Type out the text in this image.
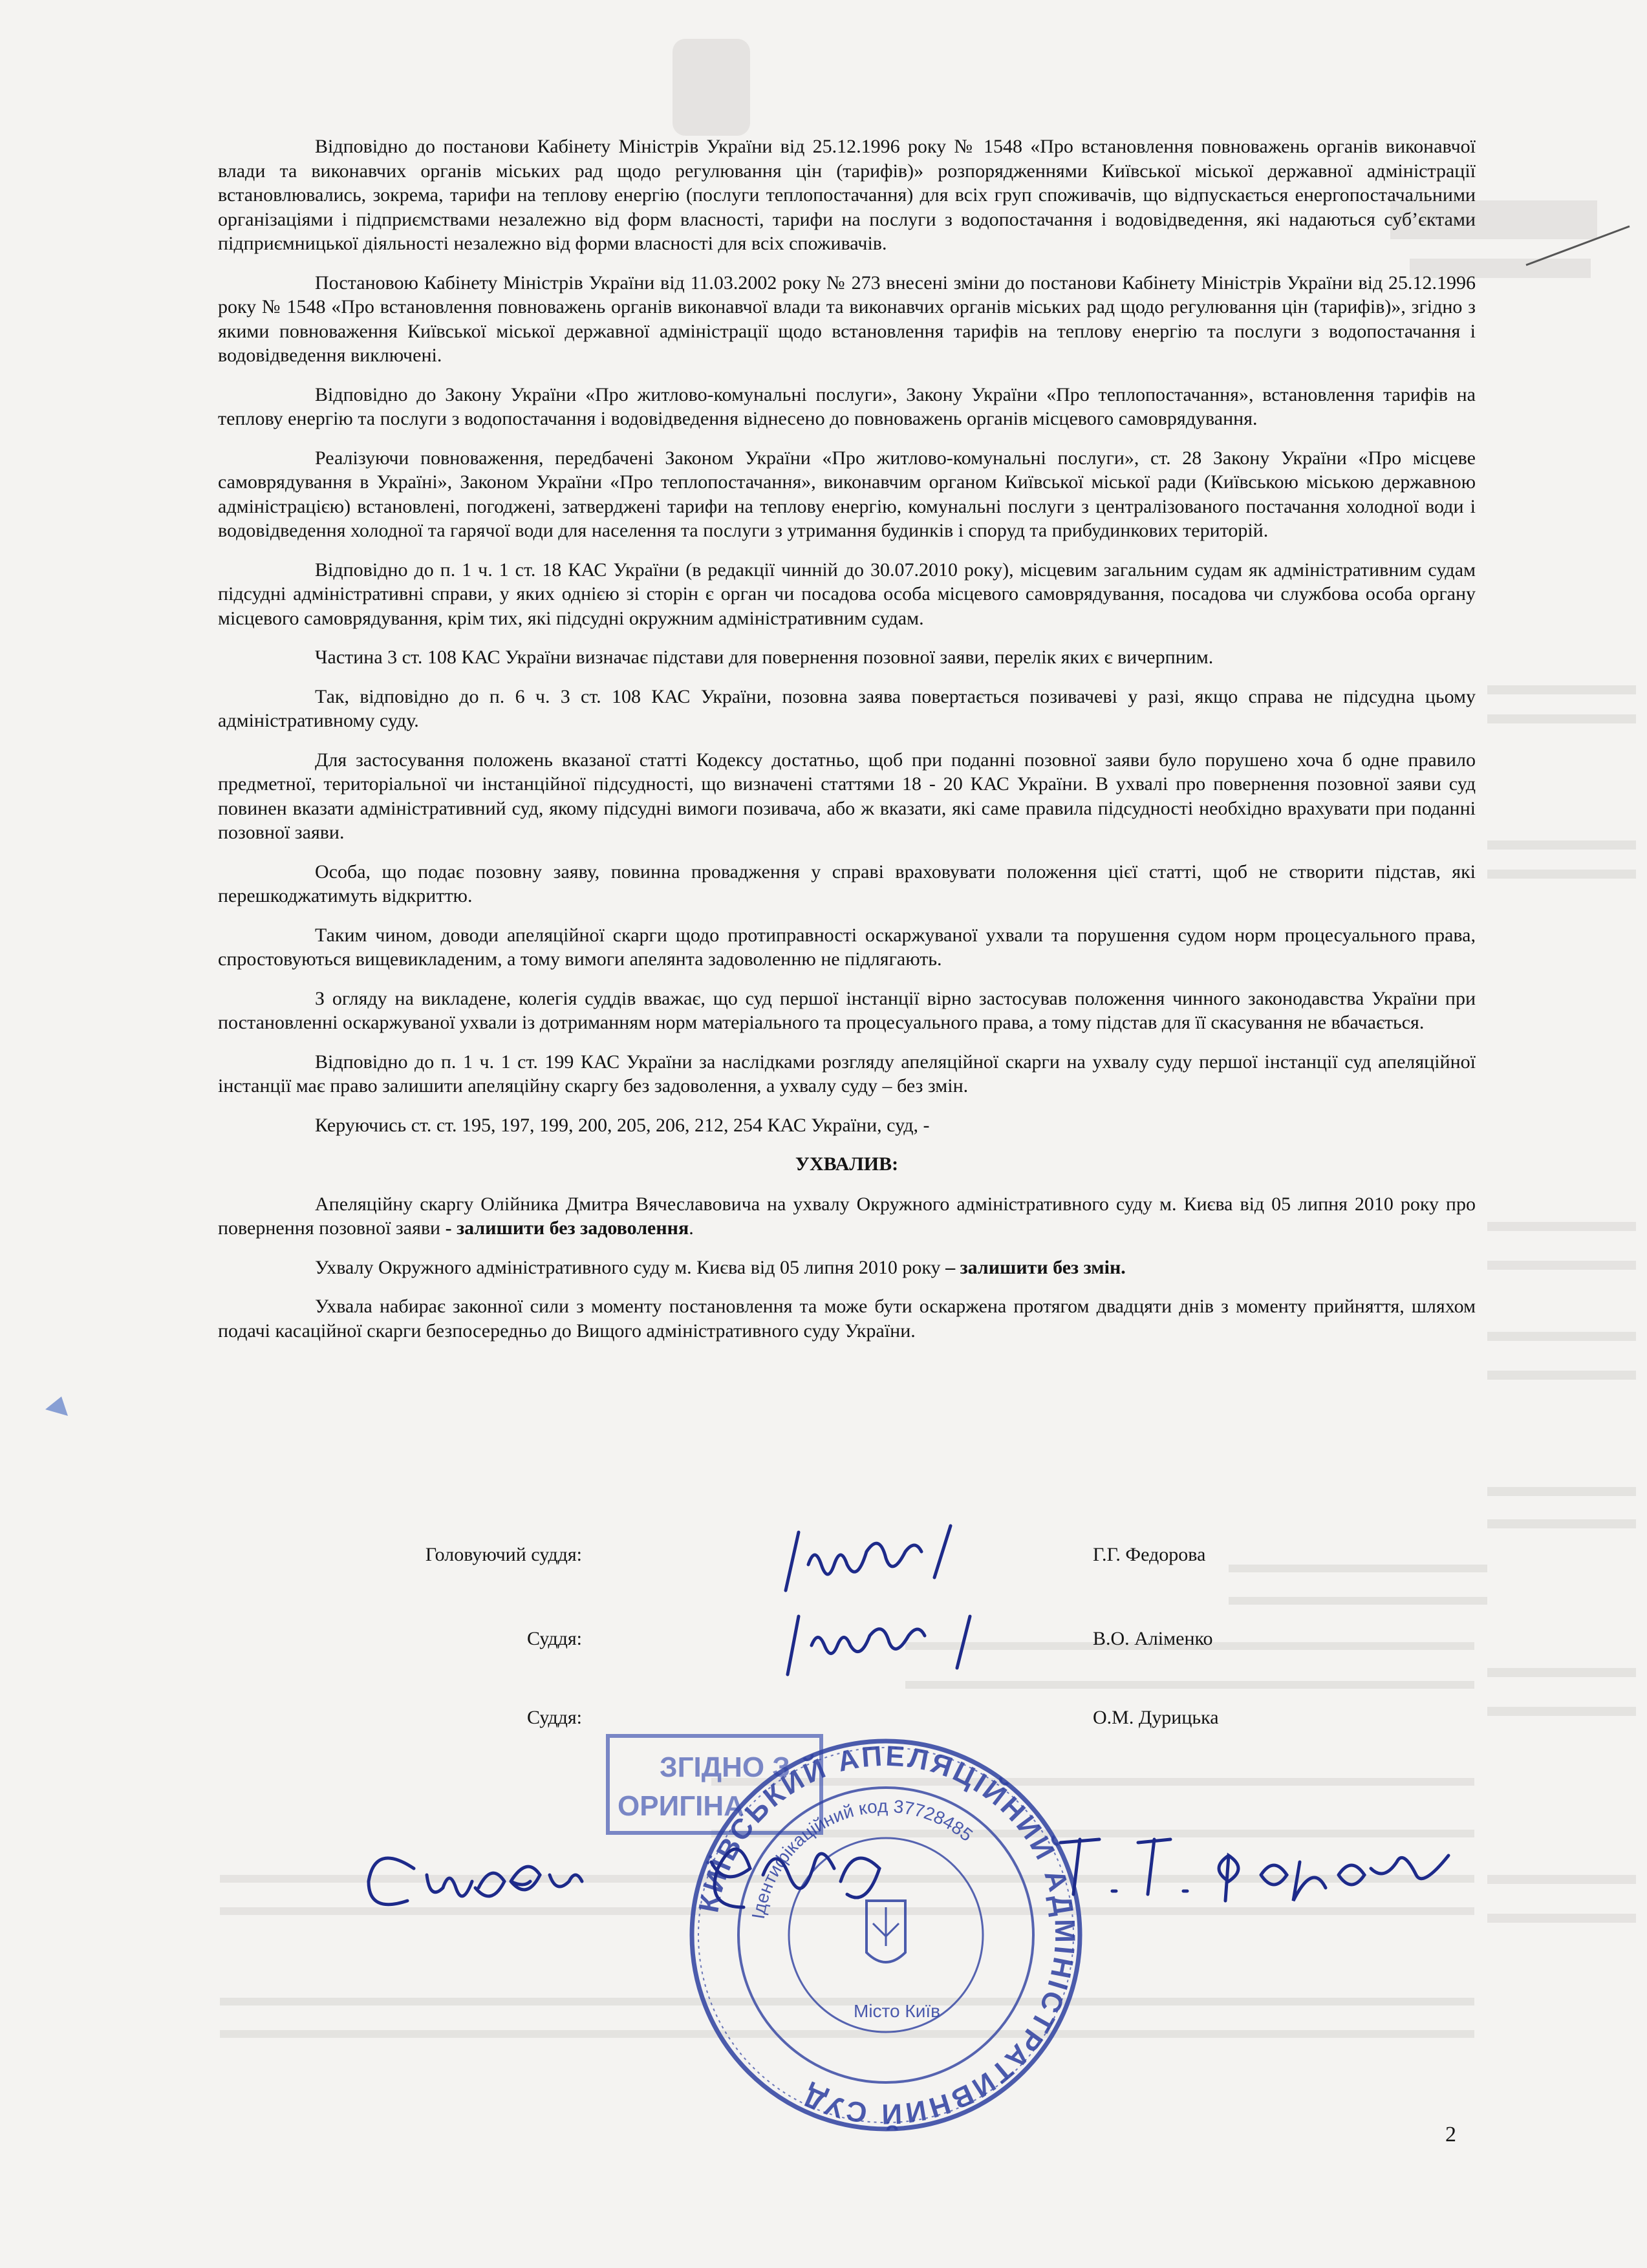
Відповідно до постанови Кабінету Міністрів України від 25.12.1996 року № 1548 «Про встановлення повноважень органів виконавчої влади та виконавчих органів міських рад щодо регулювання цін (тарифів)» розпорядженнями Київської міської державної адміністрації встановлювались, зокрема, тарифи на теплову енергію (послуги теплопостачання) для всіх груп споживачів, що відпускається енергопостачальними організаціями і підприємствами незалежно від форм власності, тарифи на послуги з водопостачання і водовідведення, які надаються суб’єктами підприємницької діяльності незалежно від форми власності для всіх споживачів.

Постановою Кабінету Міністрів України від 11.03.2002 року № 273 внесені зміни до постанови Кабінету Міністрів України від 25.12.1996 року № 1548 «Про встановлення повноважень органів виконавчої влади та виконавчих органів міських рад щодо регулювання цін (тарифів)», згідно з якими повноваження Київської міської державної адміністрації щодо встановлення тарифів на теплову енергію та послуги з водопостачання і водовідведення виключені.

Відповідно до Закону України «Про житлово-комунальні послуги», Закону України «Про теплопостачання», встановлення тарифів на теплову енергію та послуги з водопостачання і водовідведення віднесено до повноважень органів місцевого самоврядування.

Реалізуючи повноваження, передбачені Законом України «Про житлово-комунальні послуги», ст. 28 Закону України «Про місцеве самоврядування в Україні», Законом України «Про теплопостачання», виконавчим органом Київської міської ради (Київською міською державною адміністрацією) встановлені, погоджені, затверджені тарифи на теплову енергію, комунальні послуги з централізованого постачання холодної води і водовідведення холодної та гарячої води для населення та послуги з утримання будинків і споруд та прибудинкових територій.

Відповідно до п. 1 ч. 1 ст. 18 КАС України (в редакції чинній до 30.07.2010 року), місцевим загальним судам як адміністративним судам підсудні адміністративні справи, у яких однією зі сторін є орган чи посадова особа місцевого самоврядування, посадова чи службова особа органу місцевого самоврядування, крім тих, які підсудні окружним адміністративним судам.

Частина 3 ст. 108 КАС України визначає підстави для повернення позовної заяви, перелік яких є вичерпним.

Так, відповідно до п. 6 ч. 3 ст. 108 КАС України, позовна заява повертається позивачеві у разі, якщо справа не підсудна цьому адміністративному суду.

Для застосування положень вказаної статті Кодексу достатньо, щоб при поданні позовної заяви було порушено хоча б одне правило предметної, територіальної чи інстанційної підсудності, що визначені статтями 18 - 20 КАС України. В ухвалі про повернення позовної заяви суд повинен вказати адміністративний суд, якому підсудні вимоги позивача, або ж вказати, які саме правила підсудності необхідно врахувати при поданні позовної заяви.

Особа, що подає позовну заяву, повинна провадження у справі враховувати положення цієї статті, щоб не створити підстав, які перешкоджатимуть відкриттю.

Таким чином, доводи апеляційної скарги щодо протиправності оскаржуваної ухвали та порушення судом норм процесуального права, спростовуються вищевикладеним, а тому вимоги апелянта задоволенню не підлягають.

З огляду на викладене, колегія суддів вважає, що суд першої інстанції вірно застосував положення чинного законодавства України при постановленні оскаржуваної ухвали із дотриманням норм матеріального та процесуального права, а тому підстав для її скасування не вбачається.

Відповідно до п. 1 ч. 1 ст. 199 КАС України за наслідками розгляду апеляційної скарги на ухвалу суду першої інстанції суд апеляційної інстанції має право залишити апеляційну скаргу без задоволення, а ухвалу суду – без змін.

Керуючись ст. ст. 195, 197, 199, 200, 205, 206, 212, 254 КАС України, суд, -

УХВАЛИВ:

Апеляційну скаргу Олійника Дмитра Вячеславовича на ухвалу Окружного адміністративного суду м. Києва від 05 липня 2010 року про повернення позовної заяви - залишити без задоволення.

Ухвалу Окружного адміністративного суду м. Києва від 05 липня 2010 року – залишити без змін.

Ухвала набирає законної сили з моменту постановлення та може бути оскаржена протягом двадцяти днів з моменту прийняття, шляхом подачі касаційної скарги безпосередньо до Вищого адміністративного суду України.

Головуючий суддя:	Г.Г. Федорова
Суддя:	В.О. Аліменко
Суддя:	О.М. Дурицька
ЗГІДНО З
ОРИГІНА
КИЇВСЬКИЙ АПЕЛЯЦІЙНИЙ АДМІНІСТРАТИВНИЙ СУД
Ідентифікаційний код 37728485
Місто Київ
2
